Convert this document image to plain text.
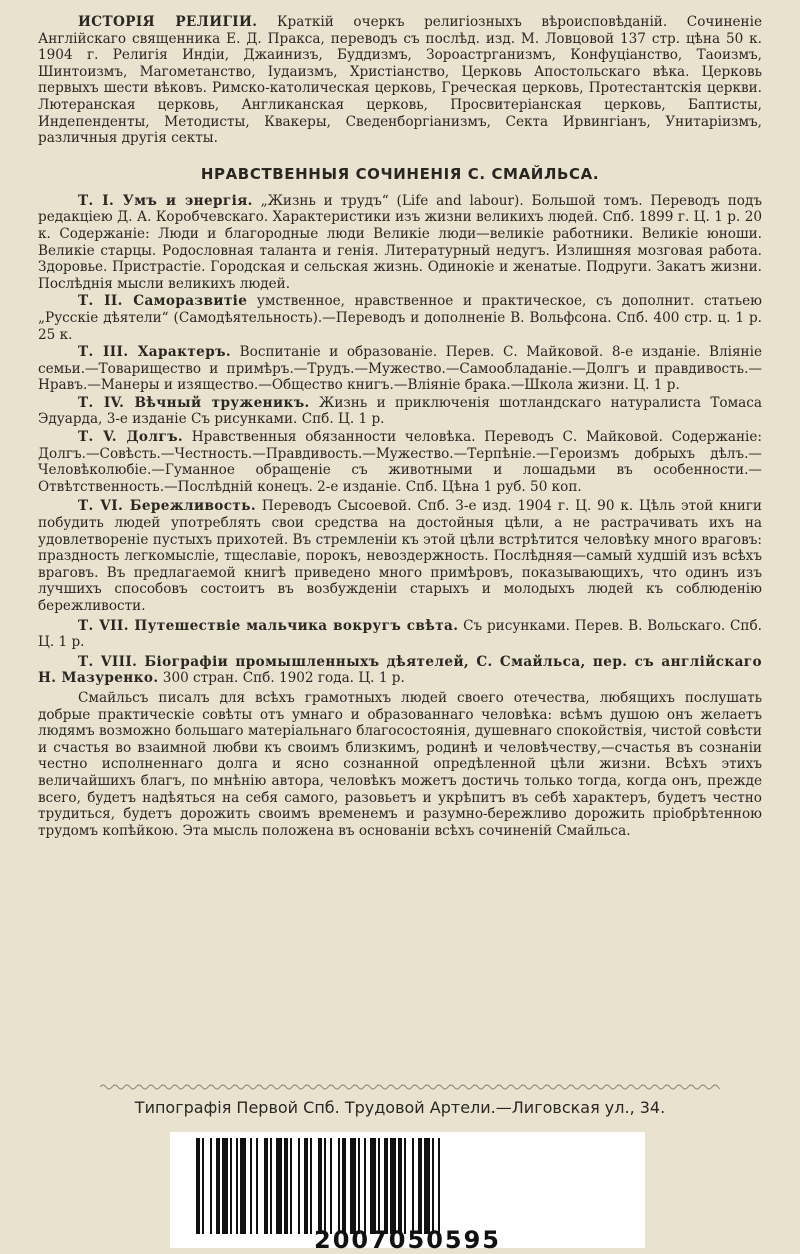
ИСТОРIЯ РЕЛИГIИ. Краткiй очеркъ религiозныхъ вѣроисповѣданiй. Сочиненiе Англiйскаго священника Е. Д. Пракса, переводъ съ послѣд. изд. М. Ловцовой 137 стр. цѣна 50 к. 1904 г. Религiя Индiи, Джаинизъ, Буддизмъ, Зороастрганизмъ, Конфуцiанство, Таоизмъ, Шинтоизмъ, Магометанство, Iудаизмъ, Христiанство, Церковь Апостольскаго вѣка. Церковь первыхъ шести вѣковъ. Римско-католическая церковь, Греческая церковь, Протестантскiя церкви. Лютеранская церковь, Англиканская церковь, Просвитерiанская церковь, Баптисты, Индепенденты, Методисты, Квакеры, Сведенборгiанизмъ, Секта Ирвингiанъ, Унитарiизмъ, различныя другiя секты.

НРАВСТВЕННЫЯ СОЧИНЕНIЯ С. СМАЙЛЬСА.

Т. I. Умъ и энергiя. „Жизнь и трудъ“ (Life and labour). Большой томъ. Переводъ подъ редакцiею Д. А. Коробчевскаго. Характеристики изъ жизни великихъ людей. Спб. 1899 г. Ц. 1 р. 20 к. Содержанiе: Люди и благородные люди Великiе люди—великiе работники. Великiе юноши. Великiе старцы. Родословная таланта и генiя. Литературный недугъ. Излишняя мозговая работа. Здоровье. Пристрастiе. Городская и сельская жизнь. Одинокiе и женатые. Подруги. Закатъ жизни. Послѣднiя мысли великихъ людей.

Т. II. Саморазвитiе умственное, нравственное и практическое, съ дополнит. статьею „Русскiе дѣятели“ (Самодѣятельность).—Переводъ и дополненiе В. Вольфсона. Спб. 400 стр. ц. 1 р. 25 к.

Т. III. Характеръ. Воспитанiе и образованiе. Перев. С. Майковой. 8-е изданiе. Влiянiе семьи.—Товарищество и примѣръ.—Трудъ.—Мужество.—Самообладанiе.—Долгъ и правдивость.—Нравъ.—Манеры и изящество.—Общество книгъ.—Влiянiе брака.—Школа жизни. Ц. 1 р.

Т. IV. Вѣчный труженикъ. Жизнь и приключенiя шотландскаго натуралиста Томаса Эдуарда, 3-е изданiе Съ рисунками. Спб. Ц. 1 р.

Т. V. Долгъ. Нравственныя обязанности человѣка. Переводъ С. Майковой. Содержанiе: Долгъ.—Совѣсть.—Честность.—Правдивость.—Мужество.—Терпѣнiе.—Героизмъ добрыхъ дѣлъ.—Человѣколюбiе.—Гуманное обращенiе съ животными и лошадьми въ особенности.—Отвѣтственность.—Послѣднiй конецъ. 2-е изданiе. Спб. Цѣна 1 руб. 50 коп.

Т. VI. Бережливость. Переводъ Сысоевой. Спб. 3-е изд. 1904 г. Ц. 90 к. Цѣль этой книги побудить людей употреблять свои средства на достойныя цѣли, а не растрачивать ихъ на удовлетворенiе пустыхъ прихотей. Въ стремленiи къ этой цѣли встрѣтится человѣку много враговъ: праздность легкомыслiе, тщеславiе, порокъ, невоздержность. Послѣдняя—самый худшiй изъ всѣхъ враговъ. Въ предлагаемой книгѣ приведено много примѣровъ, показывающихъ, что одинъ изъ лучшихъ способовъ состоитъ въ возбужденiи старыхъ и молодыхъ людей къ соблюденiю бережливости.

Т. VII. Путешествiе мальчика вокругъ свѣта. Съ рисунками. Перев. В. Вольскаго. Спб. Ц. 1 р.

Т. VIII. Бiографiи промышленныхъ дѣятелей, С. Смайльса, пер. съ англiйскаго Н. Мазуренко. 300 стран. Спб. 1902 года. Ц. 1 р.

Смайльсъ писалъ для всѣхъ грамотныхъ людей своего отечества, любящихъ послушать добрые практическiе совѣты отъ умнаго и образованнаго человѣка: всѣмъ душою онъ желаетъ людямъ возможно большаго матерiальнаго благосостоянiя, душевнаго спокойствiя, чистой совѣсти и счастья во взаимной любви къ своимъ близкимъ, родинѣ и человѣчеству,—счастья въ сознанiи честно исполненнаго долга и ясно сознанной опредѣленной цѣли жизни. Всѣхъ этихъ величайшихъ благъ, по мнѣнiю автора, человѣкъ можетъ достичь только тогда, когда онъ, прежде всего, будетъ надѣяться на себя самого, разовьетъ и укрѣпитъ въ себѣ характеръ, будетъ честно трудиться, будетъ дорожить своимъ временемъ и разумно-бережливо дорожить прiобрѣтенною трудомъ копѣйкою. Эта мысль положена въ основанiи всѣхъ сочиненiй Смайльса.

Типографiя Первой Спб. Трудовой Артели.—Лиговская ул., 34.
2007050595
